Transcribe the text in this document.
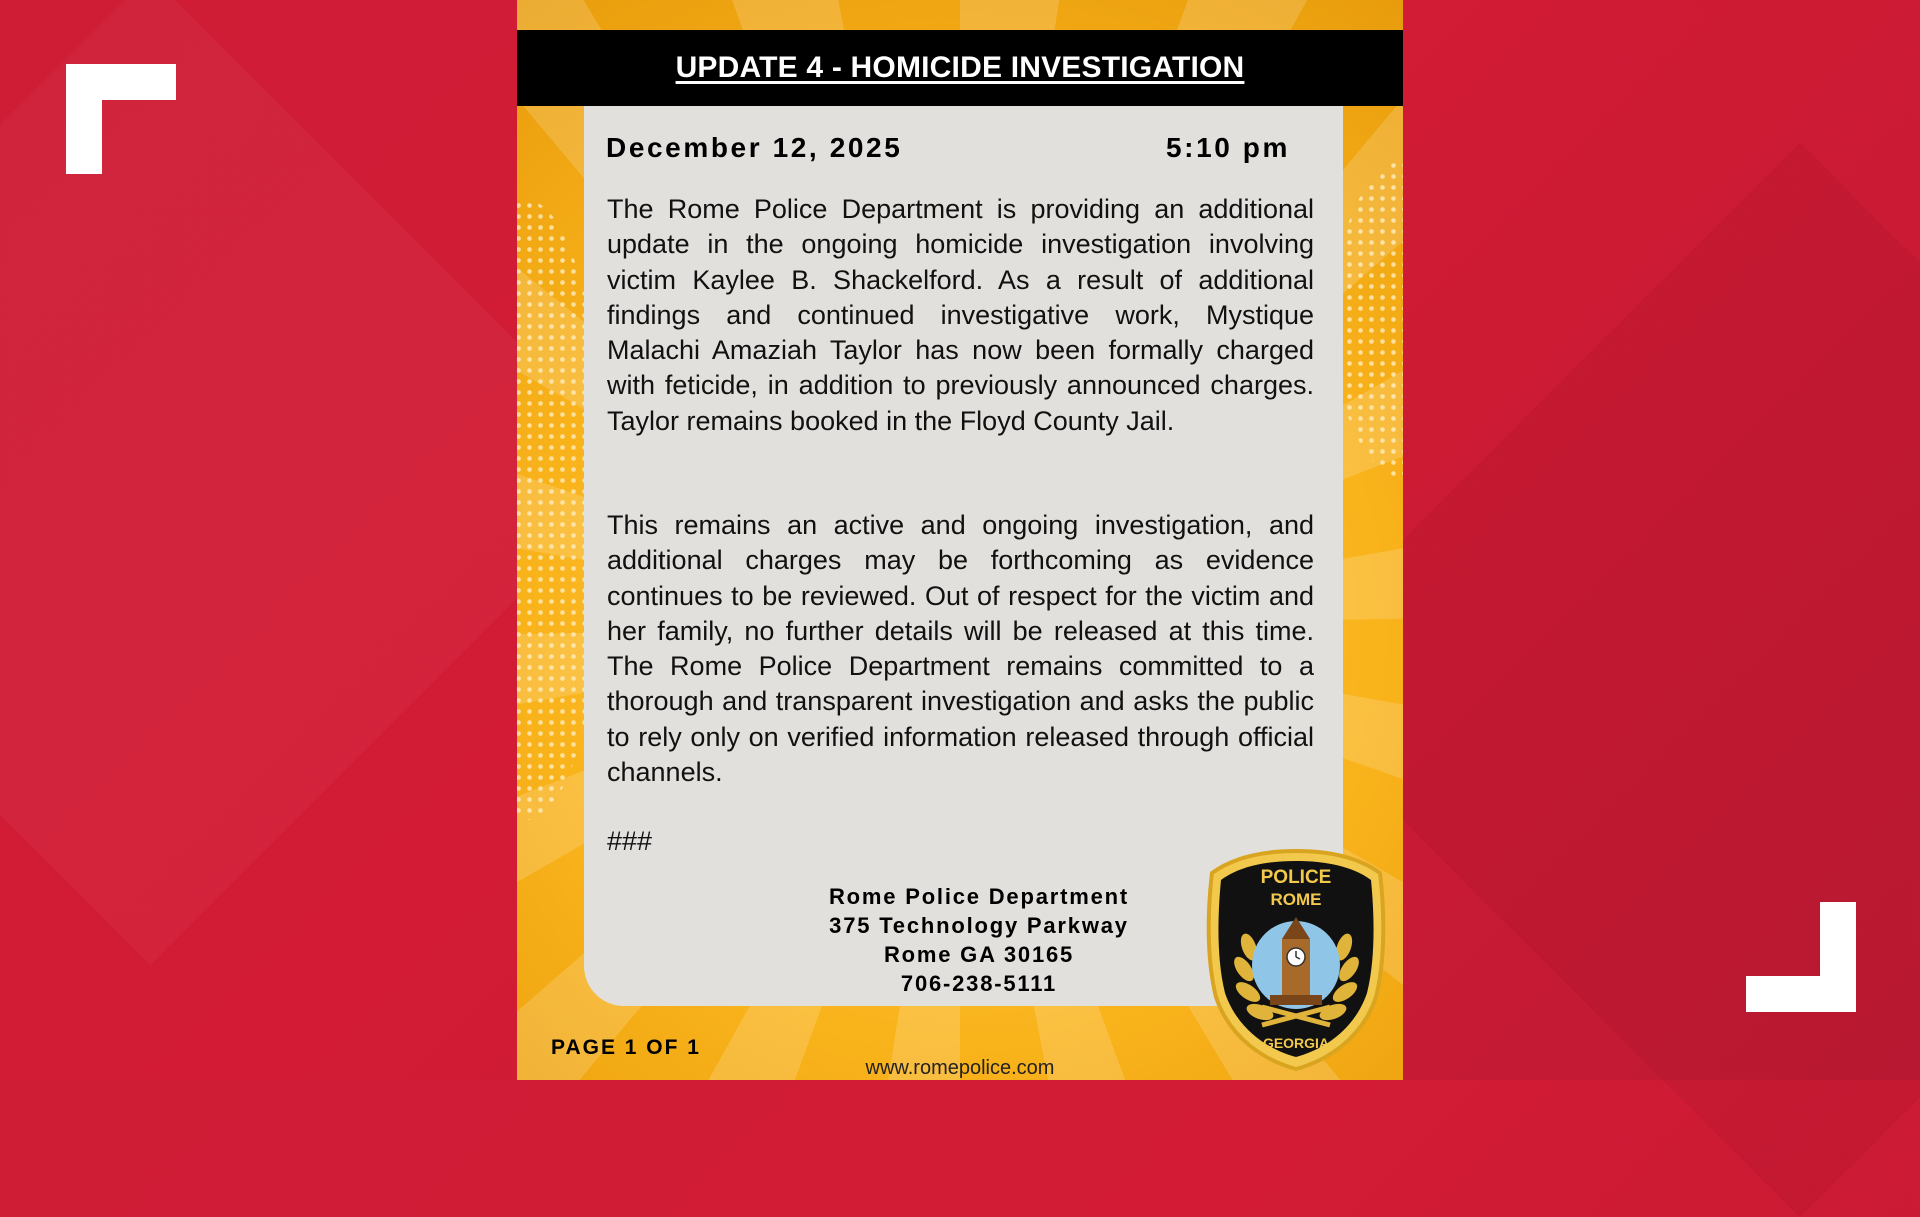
UPDATE 4 - HOMICIDE INVESTIGATION
December 12, 2025	5:10 pm
The Rome Police Department is providing an additional update in the ongoing homicide investigation involving victim Kaylee B. Shackelford. As a result of additional findings and continued investigative work, Mystique Malachi Amaziah Taylor has now been formally charged with feticide, in addition to previously announced charges. Taylor remains booked in the Floyd County Jail.
This remains an active and ongoing investigation, and additional charges may be forthcoming as evidence continues to be reviewed. Out of respect for the victim and her family, no further details will be released at this time. The Rome Police Department remains committed to a thorough and transparent investigation and asks the public to rely only on verified information released through official channels.
###
Rome Police Department
375 Technology Parkway
Rome GA 30165
706-238-5111
PAGE 1 OF 1
www.romepolice.com
POLICE
ROME
GEORGIA
